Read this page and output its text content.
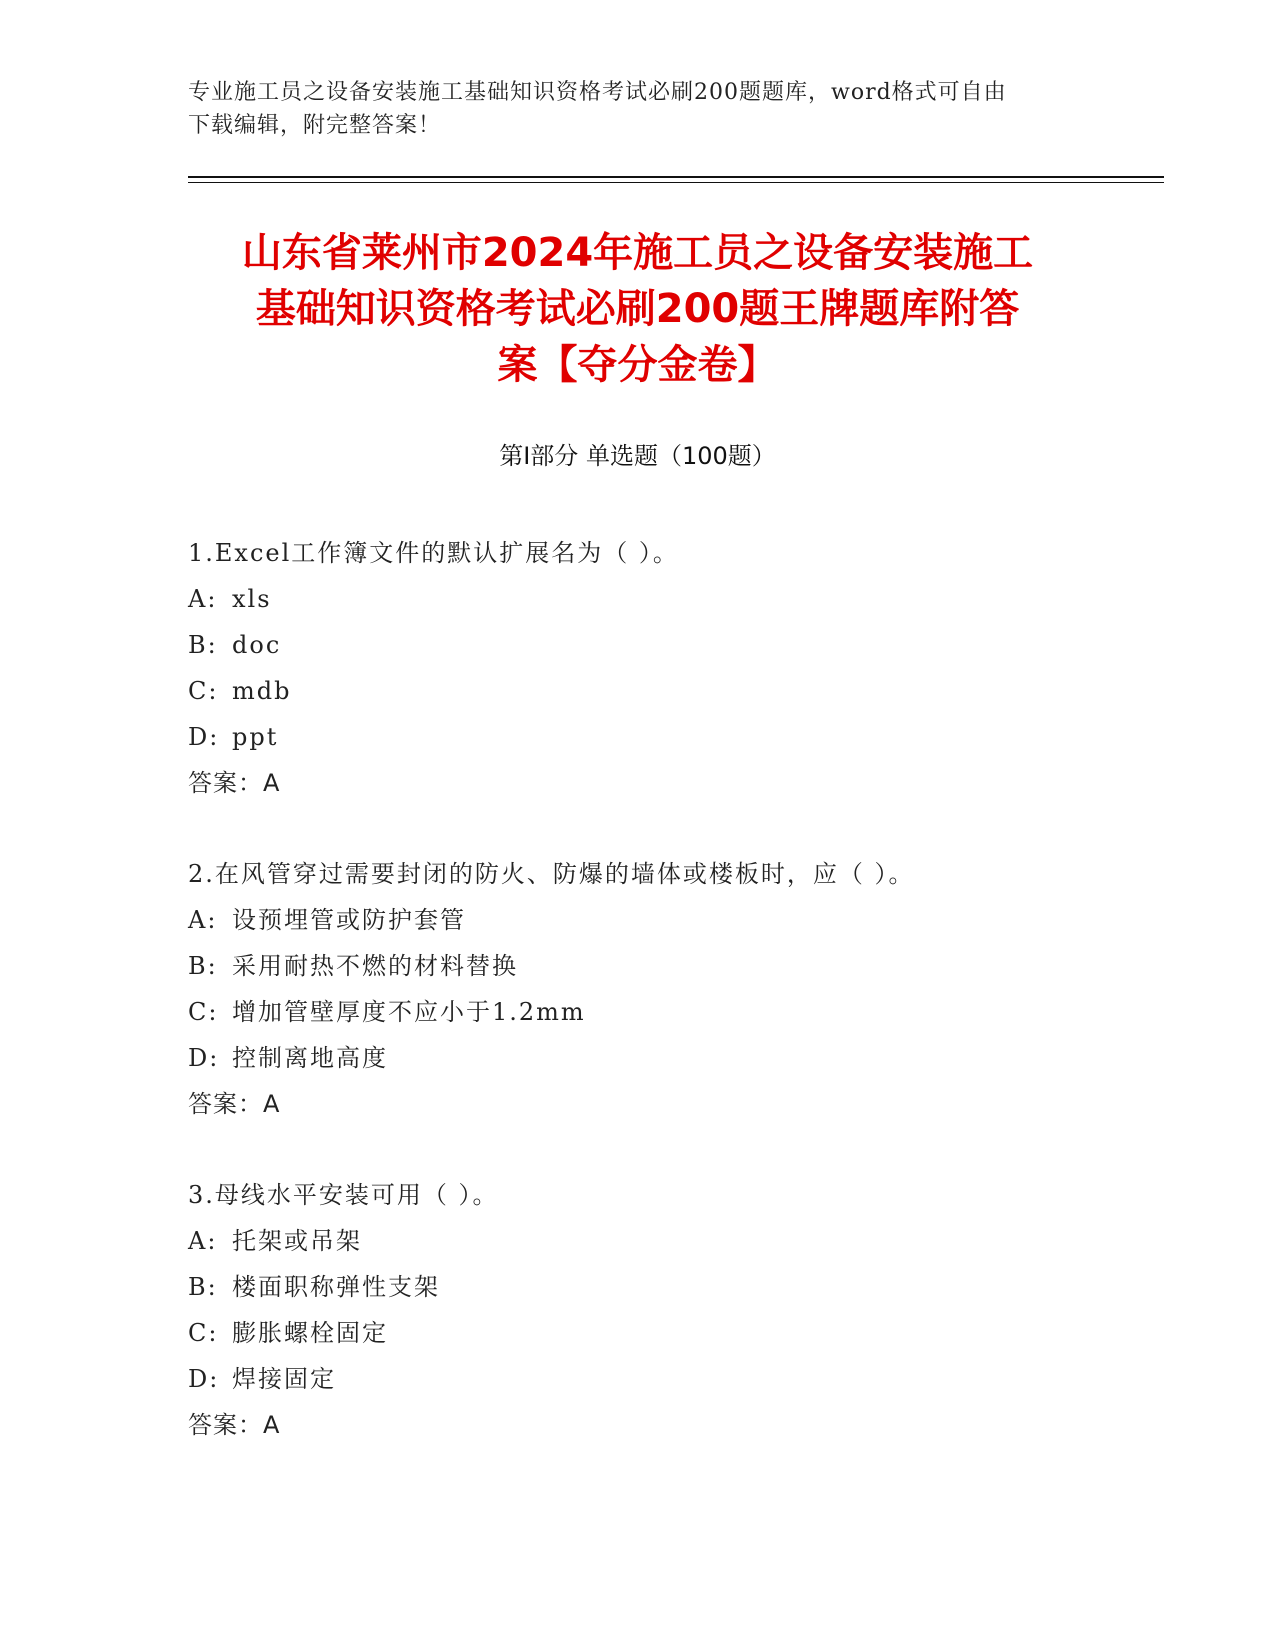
专业施工员之设备安装施工基础知识资格考试必刷200题题库，word格式可自由
下载编辑，附完整答案！
山东省莱州市2024年施工员之设备安装施工
基础知识资格考试必刷200题王牌题库附答
案【夺分金卷】
第Ⅰ部分 单选题（100题）
1.Excel工作簿文件的默认扩展名为（ ）。
A: xls
B: doc
C: mdb
D: ppt
答案：A
2.在风管穿过需要封闭的防火、防爆的墙体或楼板时，应（ ）。
A: 设预埋管或防护套管
B: 采用耐热不燃的材料替换
C: 增加管壁厚度不应小于1.2mm
D: 控制离地高度
答案：A
3.母线水平安装可用（ ）。
A: 托架或吊架
B: 楼面职称弹性支架
C: 膨胀螺栓固定
D: 焊接固定
答案：A
